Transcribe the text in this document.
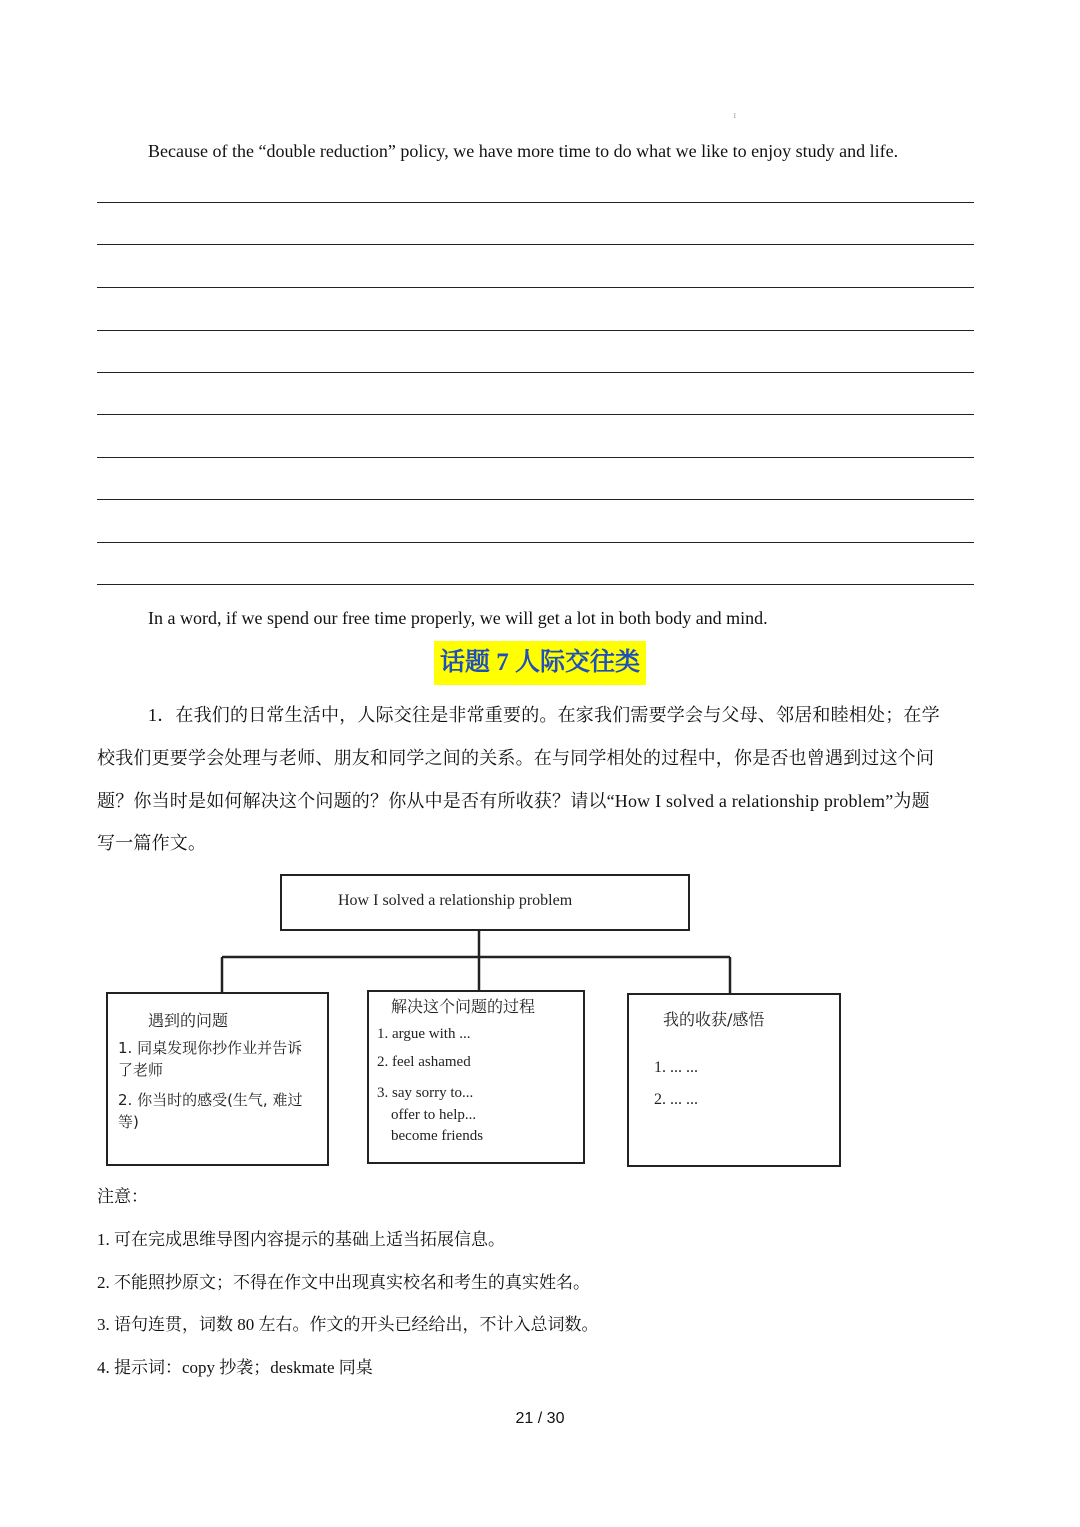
1
Because of the “double reduction” policy, we have more time to do what we like to enjoy study and life.
In a word, if we spend our free time properly, we will get a lot in both body and mind.
话题 7 人际交往类
1．在我们的日常生活中，人际交往是非常重要的。在家我们需要学会与父母、邻居和睦相处；在学
校我们更要学会处理与老师、朋友和同学之间的关系。在与同学相处的过程中，你是否也曾遇到过这个问
题？你当时是如何解决这个问题的？你从中是否有所收获？请以“How I solved a relationship problem”为题
写一篇作文。
How I solved a relationship problem
遇到的问题
1. 同桌发现你抄作业并告诉
了老师
2. 你当时的感受(生气, 难过
等)
解决这个问题的过程
1. argue with ...
2. feel ashamed
3. say sorry to...
offer to help...
become friends
我的收获/感悟
1. ... ...
2. ... ...
注意：
1. 可在完成思维导图内容提示的基础上适当拓展信息。
2. 不能照抄原文；不得在作文中出现真实校名和考生的真实姓名。
3. 语句连贯，词数 80 左右。作文的开头已经给出，不计入总词数。
4. 提示词：copy 抄袭；deskmate 同桌
21 / 30
